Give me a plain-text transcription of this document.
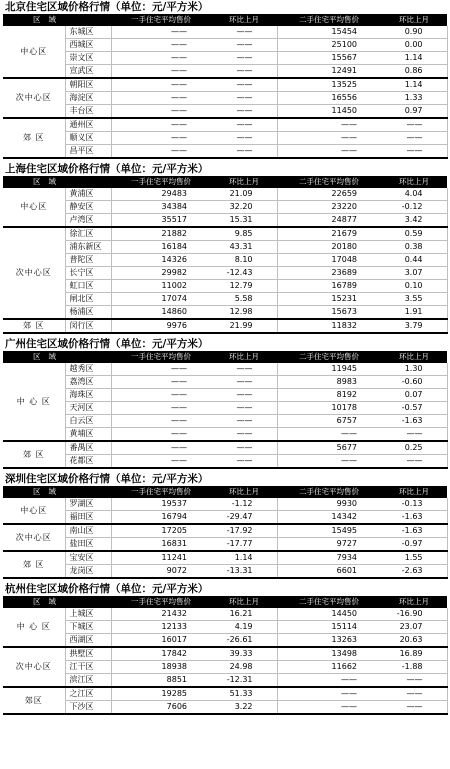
北京住宅区域价格行情（单位：元/平方米）
区域		一手住宅平均售价	环比上月	二手住宅平均售价	环比上月
中心区	东城区	——	——	15454	0.90
	西城区	——	——	25100	0.00
	崇文区	——	——	15567	1.14
	宣武区	——	——	12491	0.86
次中心区	朝阳区	——	——	13525	1.14
	海淀区	——	——	16556	1.33
	丰台区	——	——	11450	0.97
郊 区	通州区	——	——	——	——
	顺义区	——	——	——	——
	昌平区	——	——	——	——
上海住宅区域价格行情（单位：元/平方米）
区域		一手住宅平均售价	环比上月	二手住宅平均售价	环比上月
中心区	黄浦区	29483	21.09	22659	4.04
	静安区	34384	32.20	23220	-0.12
	卢湾区	35517	15.31	24877	3.42
次中心区	徐汇区	21882	9.85	21679	0.59
	浦东新区	16184	43.31	20180	0.38
	普陀区	14326	8.10	17048	0.44
	长宁区	29982	-12.43	23689	3.07
	虹口区	11002	12.79	16789	0.10
	闸北区	17074	5.58	15231	3.55
	杨浦区	14860	12.98	15673	1.91
郊 区	闵行区	9976	21.99	11832	3.79
广州住宅区域价格行情（单位：元/平方米）
区域		一手住宅平均售价	环比上月	二手住宅平均售价	环比上月
中 心 区	越秀区	——	——	11945	1.30
	荔湾区	——	——	8983	-0.60
	海珠区	——	——	8192	0.07
	天河区	——	——	10178	-0.57
	白云区	——	——	6757	-1.63
	黄埔区	——	——	——	——
郊 区	番禺区	——	——	5677	0.25
	花都区	——	——	——	——
深圳住宅区域价格行情（单位：元/平方米）
区域		一手住宅平均售价	环比上月	二手住宅平均售价	环比上月
中心区	罗湖区	19537	-1.12	9930	-0.13
	福田区	16794	-29.47	14342	-1.63
次中心区	南山区	17205	-17.92	15495	-1.63
	盐田区	16831	-17.77	9727	-0.97
郊 区	宝安区	11241	1.14	7934	1.55
	龙岗区	9072	-13.31	6601	-2.63
杭州住宅区域价格行情（单位：元/平方米）
区域		一手住宅平均售价	环比上月	二手住宅平均售价	环比上月
中 心 区	上城区	21432	16.21	14450	-16.90
	下城区	12133	4.19	15114	23.07
	西湖区	16017	-26.61	13263	20.63
次中心区	拱墅区	17842	39.33	13498	16.89
	江干区	18938	24.98	11662	-1.88
	滨江区	8851	-12.31	——	——
郊区	之江区	19285	51.33	——	——
	下沙区	7606	3.22	——	——
